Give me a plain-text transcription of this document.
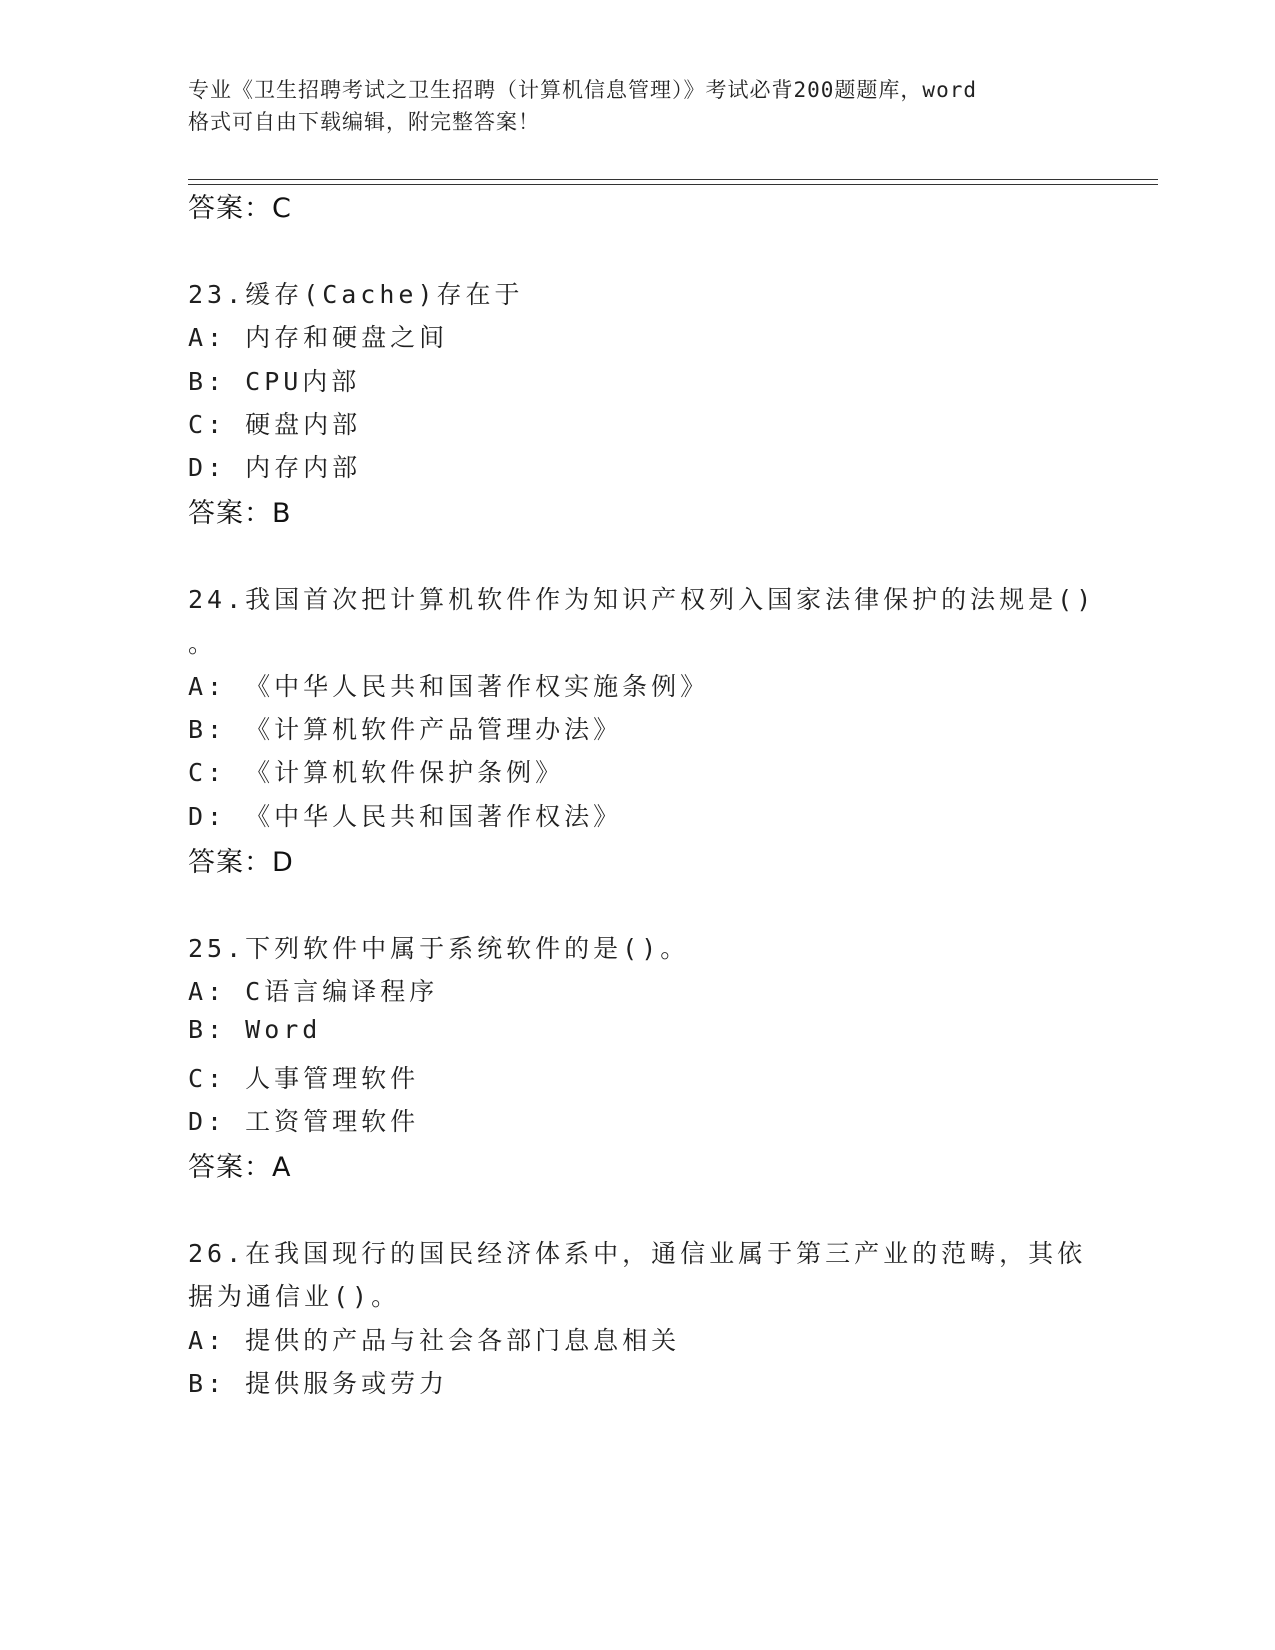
专业《卫生招聘考试之卫生招聘（计算机信息管理）》考试必背200题题库，word
格式可自由下载编辑，附完整答案！
答案：C
23.缓存(Cache)存在于
A: 内存和硬盘之间
B: CPU内部
C: 硬盘内部
D: 内存内部
答案：B
24.我国首次把计算机软件作为知识产权列入国家法律保护的法规是()
。
A: 《中华人民共和国著作权实施条例》
B: 《计算机软件产品管理办法》
C: 《计算机软件保护条例》
D: 《中华人民共和国著作权法》
答案：D
25.下列软件中属于系统软件的是()。
A: C语言编译程序
B: Word
C: 人事管理软件
D: 工资管理软件
答案：A
26.在我国现行的国民经济体系中，通信业属于第三产业的范畴，其依
据为通信业()。
A: 提供的产品与社会各部门息息相关
B: 提供服务或劳力
